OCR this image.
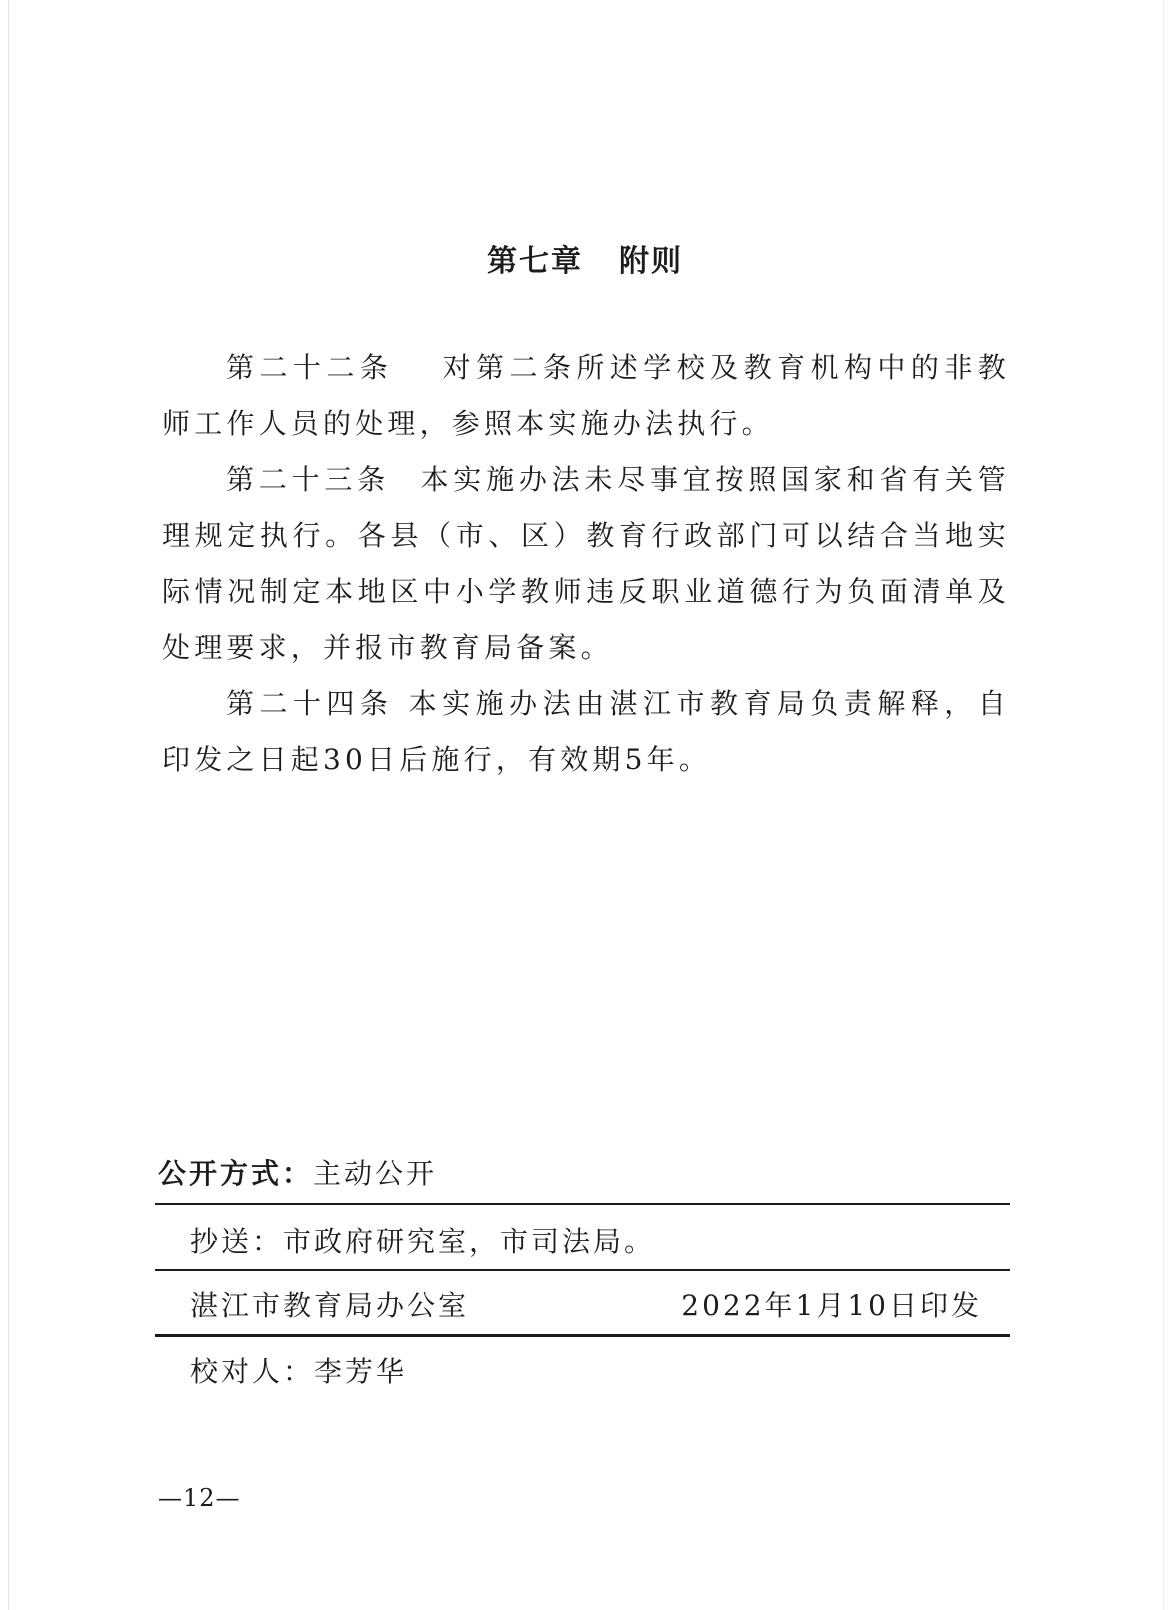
第七章 附则

第二十二条 对第二条所述学校及教育机构中的非教师工作人员的处理，参照本实施办法执行。

第二十三条 本实施办法未尽事宜按照国家和省有关管理规定执行。各县（市、区）教育行政部门可以结合当地实际情况制定本地区中小学教师违反职业道德行为负面清单及处理要求，并报市教育局备案。

第二十四条 本实施办法由湛江市教育局负责解释，自印发之日起30日后施行，有效期5年。

公开方式：主动公开
抄送：市政府研究室，市司法局。
湛江市教育局办公室	2022年1月10日印发
校对人：李芳华
—12—
